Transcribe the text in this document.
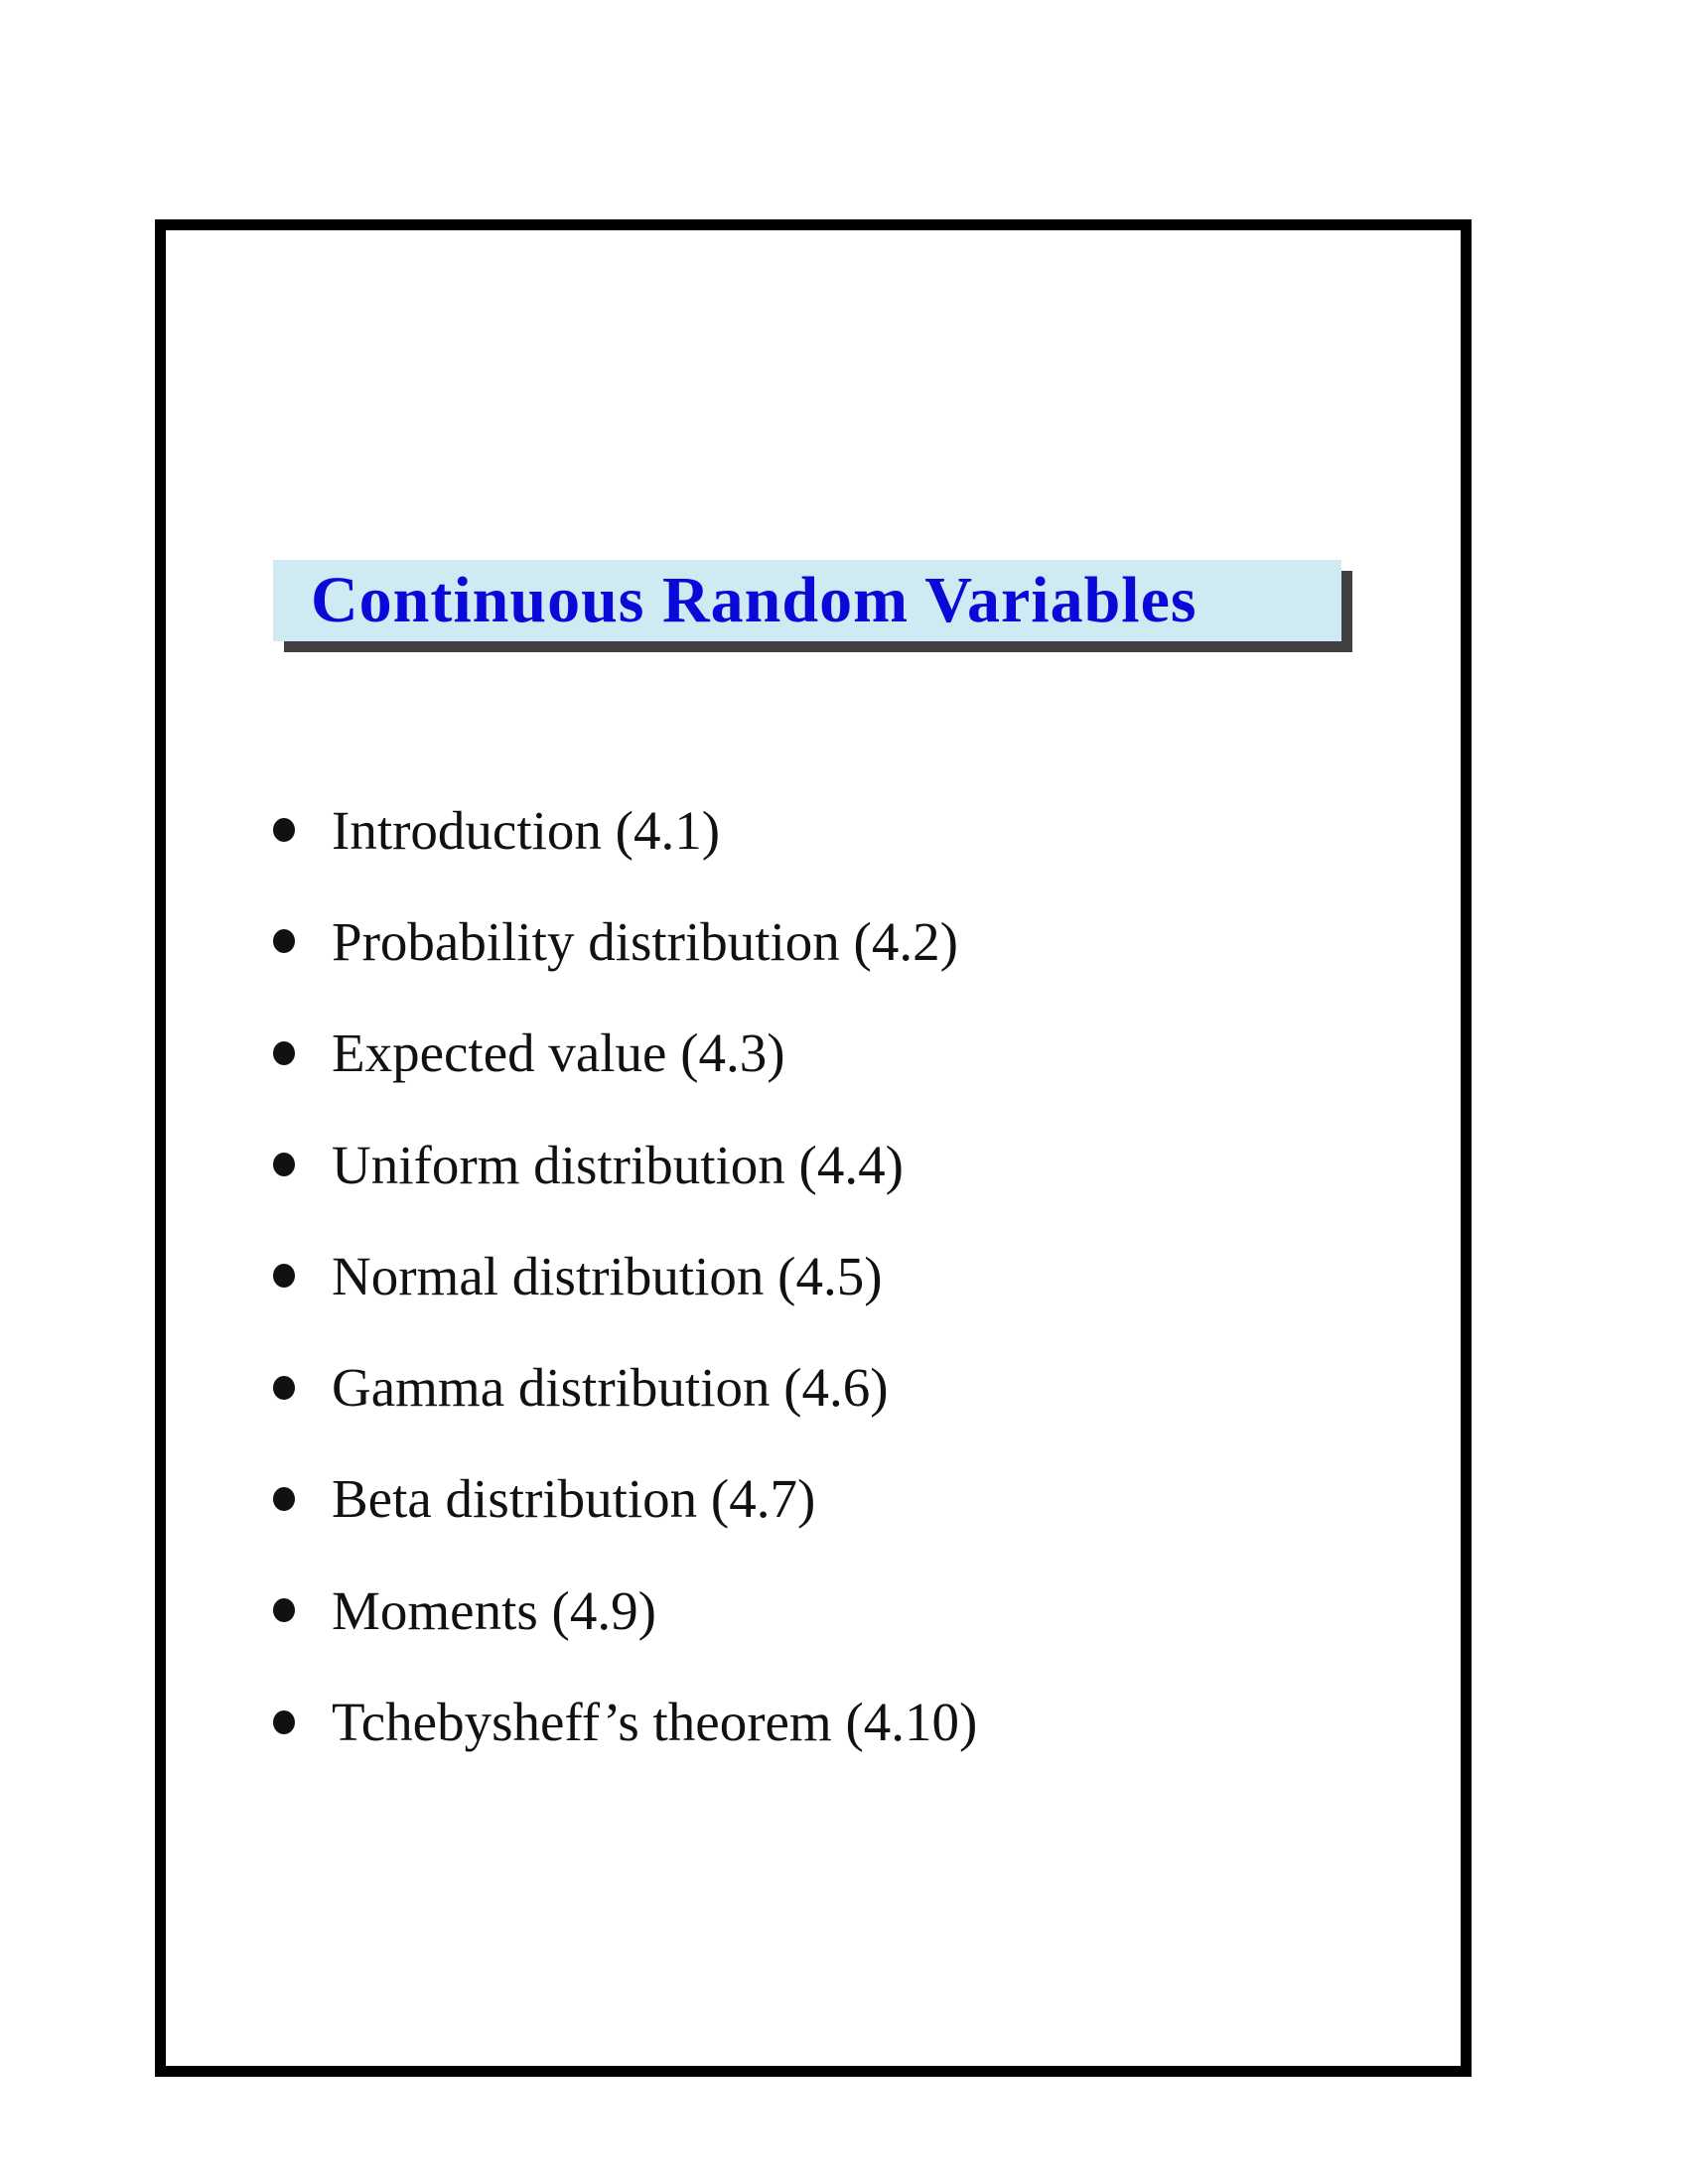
Continuous Random Variables
Introduction (4.1)
Probability distribution (4.2)
Expected value (4.3)
Uniform distribution (4.4)
Normal distribution (4.5)
Gamma distribution (4.6)
Beta distribution (4.7)
Moments (4.9)
Tchebysheff’s theorem (4.10)
